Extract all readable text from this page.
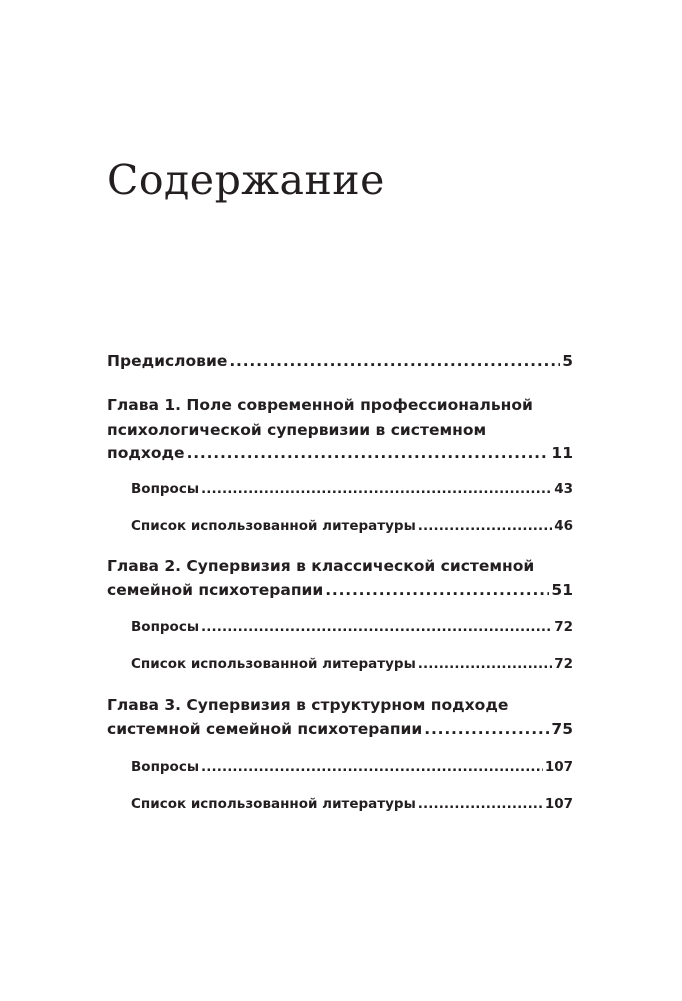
Содержание
Предисловие . . .	5
Глава 1. Поле современной профессиональной
психологической супервизии в системном
подходе . . .	11
Вопросы . . .	43
Список использованной литературы . . .	46
Глава 2. Супервизия в классической системной
семейной психотерапии . . .	51
Вопросы . . .	72
Список использованной литературы . . .	72
Глава 3. Супервизия в структурном подходе
системной семейной психотерапии . . .	75
Вопросы . . .	107
Список использованной литературы . . .	107
